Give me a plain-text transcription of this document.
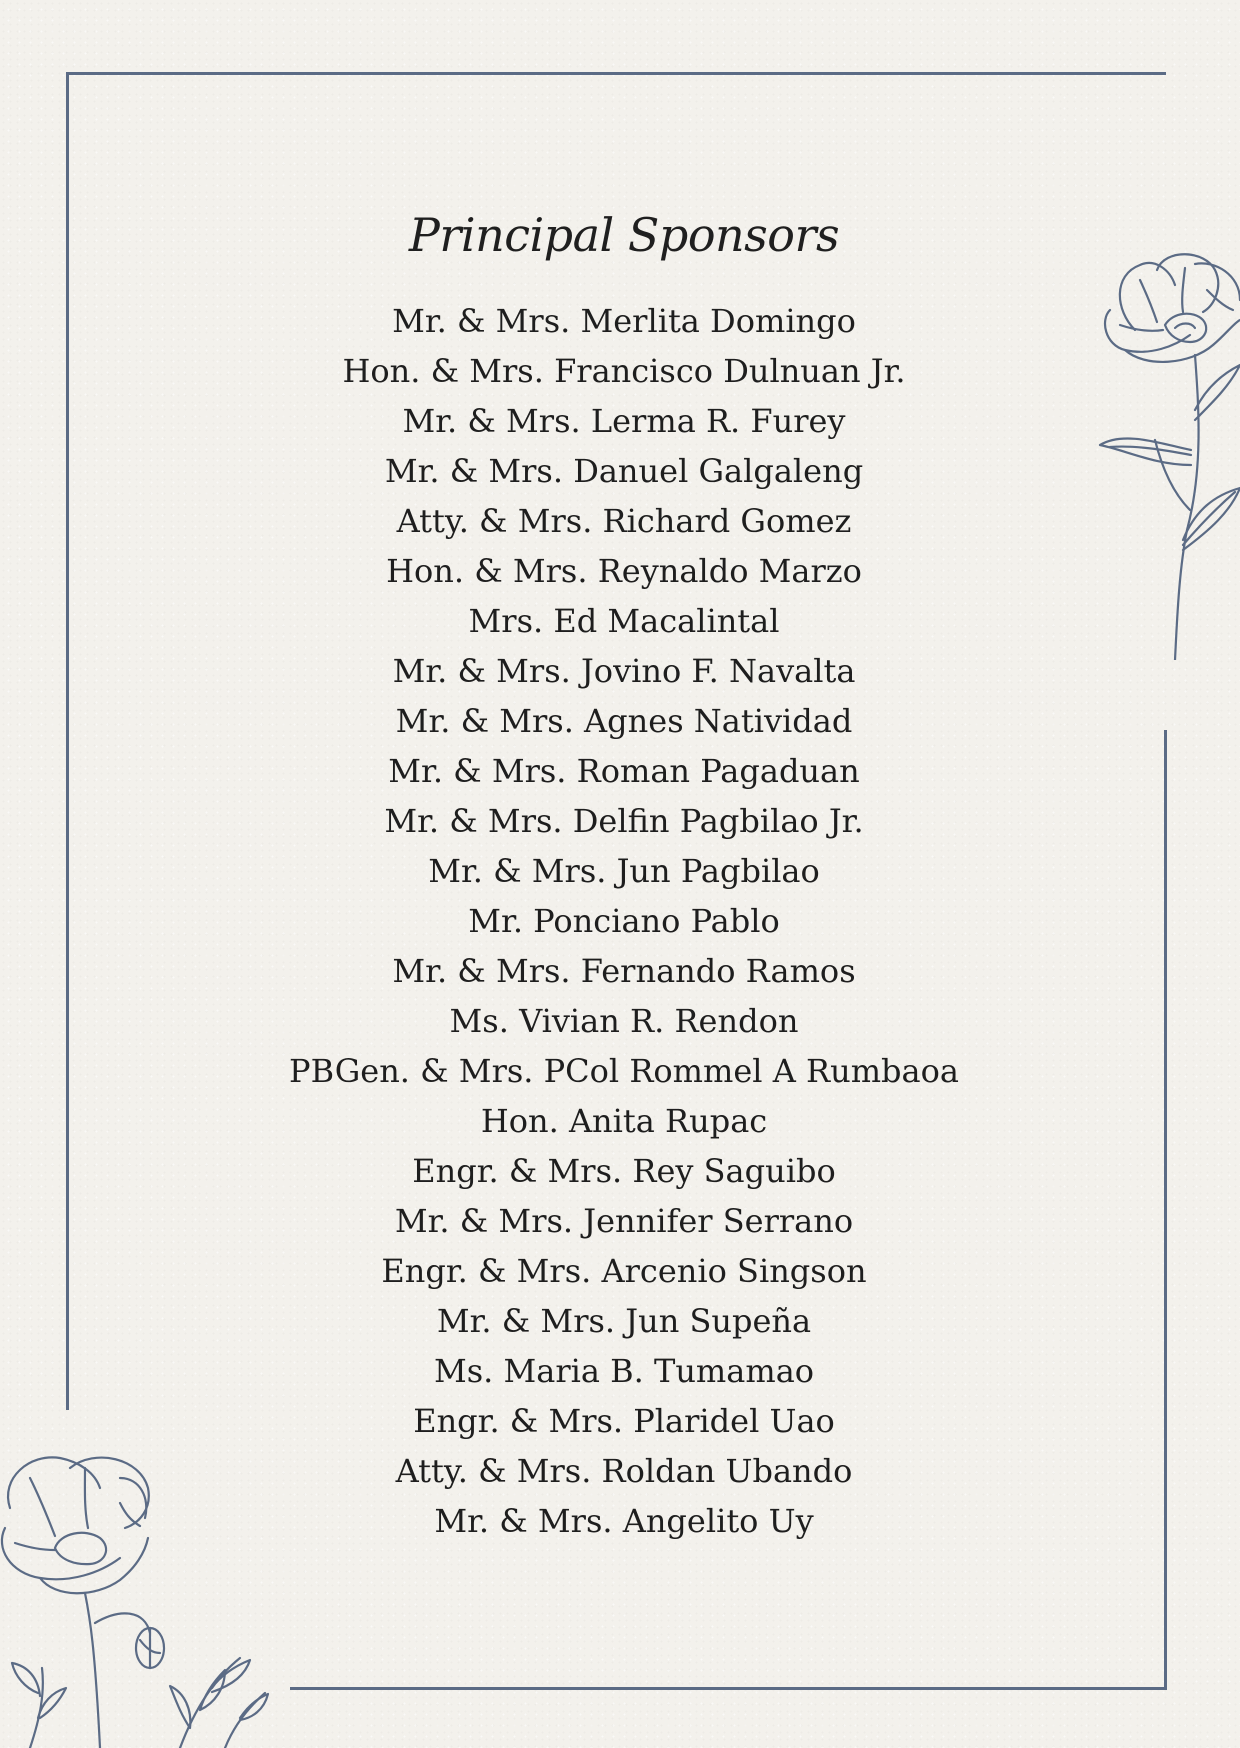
Principal Sponsors
Mr. & Mrs. Merlita Domingo
Hon. & Mrs. Francisco Dulnuan Jr.
Mr. & Mrs. Lerma R. Furey
Mr. & Mrs. Danuel Galgaleng
Atty. & Mrs. Richard Gomez
Hon. & Mrs. Reynaldo Marzo
Mrs. Ed Macalintal
Mr. & Mrs. Jovino F. Navalta
Mr. & Mrs. Agnes Natividad
Mr. & Mrs. Roman Pagaduan
Mr. & Mrs. Delfin Pagbilao Jr.
Mr. & Mrs. Jun Pagbilao
Mr. Ponciano Pablo
Mr. & Mrs. Fernando Ramos
Ms. Vivian R. Rendon
PBGen. & Mrs. PCol Rommel A Rumbaoa
Hon. Anita Rupac
Engr. & Mrs. Rey Saguibo
Mr. & Mrs. Jennifer Serrano
Engr. & Mrs. Arcenio Singson
Mr. & Mrs. Jun Supeña
Ms. Maria B. Tumamao
Engr. & Mrs. Plaridel Uao
Atty. & Mrs. Roldan Ubando
Mr. & Mrs. Angelito Uy
